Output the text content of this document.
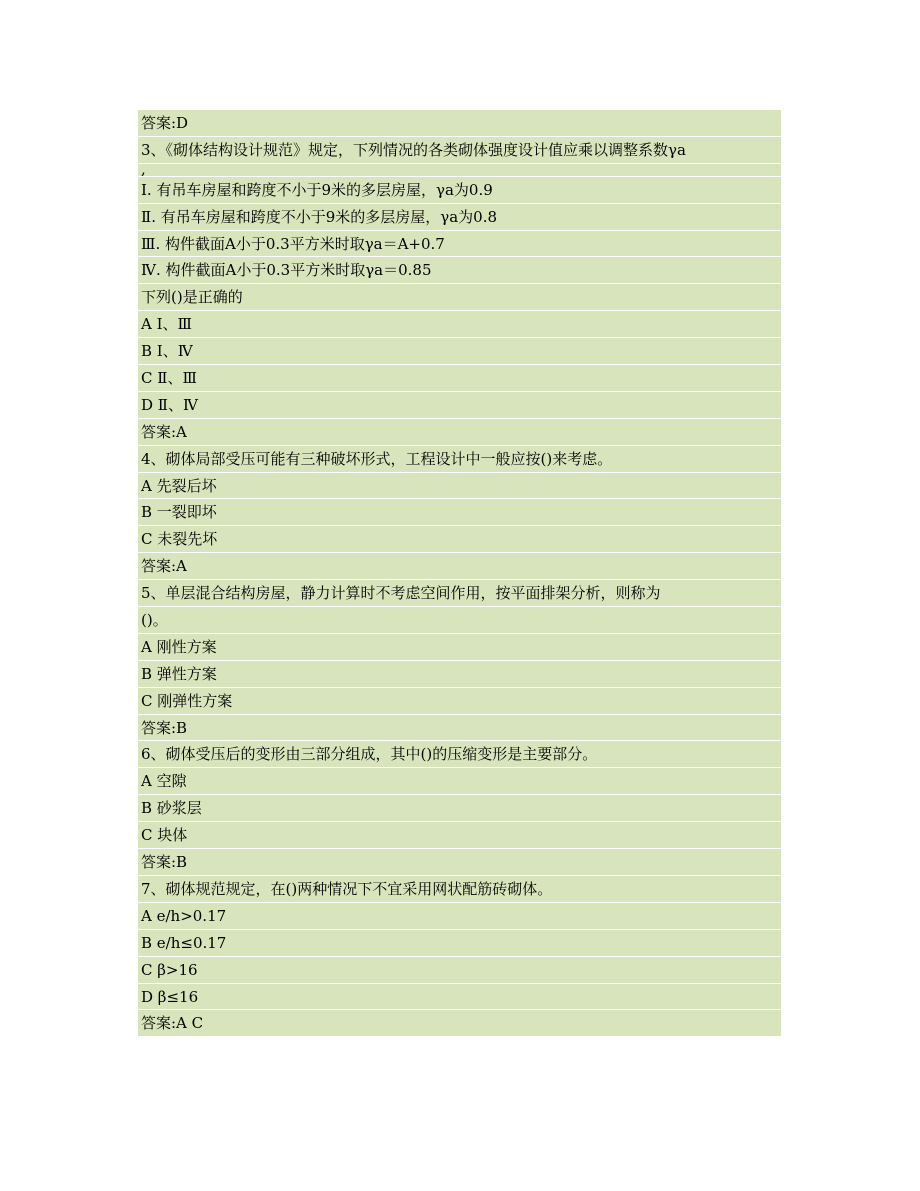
答案:D
3、《砌体结构设计规范》规定，下列情况的各类砌体强度设计值应乘以调整系数γa
,
Ⅰ. 有吊车房屋和跨度不小于9米的多层房屋，γa为0.9
Ⅱ. 有吊车房屋和跨度不小于9米的多层房屋，γa为0.8
Ⅲ. 构件截面A小于0.3平方米时取γa＝A+0.7
Ⅳ. 构件截面A小于0.3平方米时取γa＝0.85
下列()是正确的
A Ⅰ、Ⅲ
B Ⅰ、Ⅳ
C Ⅱ、Ⅲ
D Ⅱ、Ⅳ
答案:A
4、砌体局部受压可能有三种破坏形式，工程设计中一般应按()来考虑。
A 先裂后坏
B 一裂即坏
C 未裂先坏
答案:A
5、单层混合结构房屋，静力计算时不考虑空间作用，按平面排架分析，则称为
()。
A 刚性方案
B 弹性方案
C 刚弹性方案
答案:B
6、砌体受压后的变形由三部分组成，其中()的压缩变形是主要部分。
A 空隙
B 砂浆层
C 块体
答案:B
7、砌体规范规定，在()两种情况下不宜采用网状配筋砖砌体。
A e/h>0.17
B e/h≤0.17
C β>16
D β≤16
答案:A C
